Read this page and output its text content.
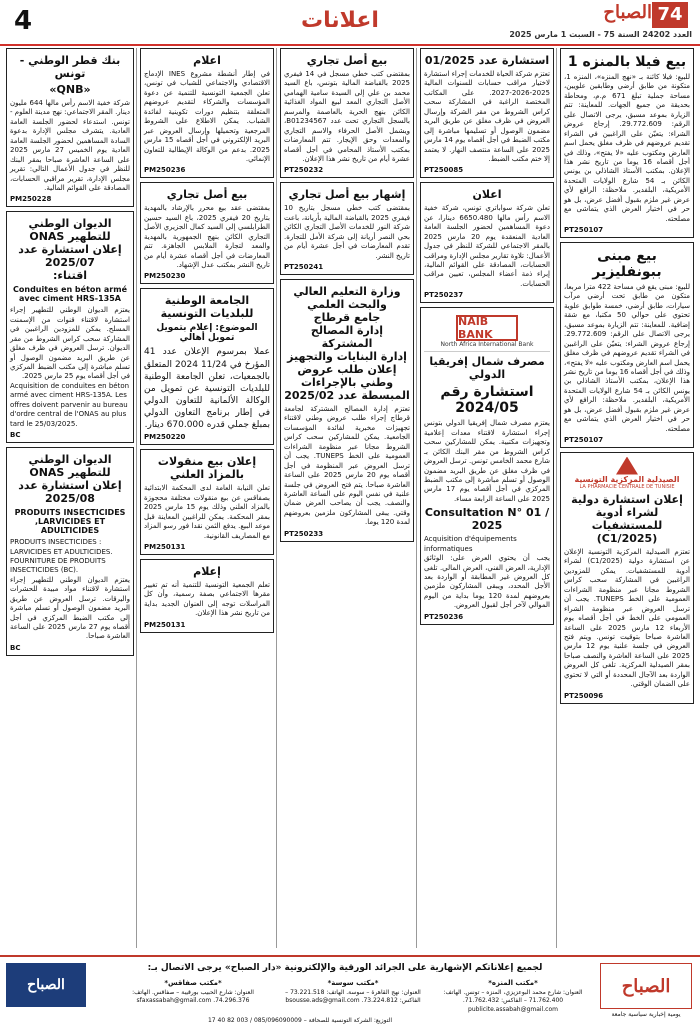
4	اعلانات	الصباح 74
العدد 24202 السنة 75 - السبت 1 مارس 2025
بيع فيلا بالمنزه 1
للبيع: فيلا كائنة بـ «نهج المنزه»، المنزه 1، متكونة من طابق أرضي وطابقين علويين، مساحة جملية تبلغ 671 م.م، ومحاطة بحديقة من جميع الجهات. للمعاينة: تتم الزيارة بموعد مسبق، يرجى الاتصال على الرقم: 29.772.609. إرجاع عروض الشراء: يتعيّن على الراغبين في الشراء تقديم عروضهم في ظرف مغلق يحمل اسم العارض ومكتوب عليه «لا يفتح»، وذلك في أجل أقصاه 16 يوما من تاريخ نشر هذا الإعلان. بمكتب الأستاذ الشاذلي بن يونس الكائن بـ 54 شارع الولايات المتحدة الأمريكية، البلفدير. ملاحظة: الرافع لأي عرض غير ملزم بقبول أفضل عرض، بل هو حر في اختيار العرض الذي يتماشى مع مصلحته.
PT250107
بيع مبنى ببونفليزير
للبيع: مبنى يقع في مساحة 422 مترا مربعا، متكون من طابق تحت أرضي مرآب سيارات، طابق أرضي، خمسة طوابق علوية تحتوي على حوالي 50 مكتبا، مع شقة إضافية. للمعاينة: تتم الزيارة بموعد مسبق، يرجى الاتصال على الرقم: 29.772.609. إرجاع عروض الشراء: يتعيّن على الراغبين في الشراء تقديم عروضهم في ظرف مغلق يحمل اسم العارض ومكتوب عليه «لا يفتح»، وذلك في أجل أقصاه 16 يوما من تاريخ نشر هذا الإعلان، بمكتب الأستاذ الشاذلي بن يونس الكائن بـ 54 شارع الولايات المتحدة الأمريكية، البلفدير. ملاحظة: الرافع لأي عرض غير ملزم بقبول أفضل عرض، بل هو حر في اختيار العرض الذي يتماشى مع مصلحته.
PT250107
الصيدلية المركزية التونسية
LA PHARMACIE CENTRALE DE TUNISIE
إعلان استشارة دولية لشراء أدوية للمستشفيات (2025/C1)
تعتزم الصيدلية المركزية التونسية الإعلان عن استشارة دولية (2025/C1) لشراء أدوية للمستشفيات. يمكن للمزودين الراغبين في المشاركة سحب كراس الشروط مجانا عبر منظومة الشراءات العمومية على الخط TUNEPS. يجب أن ترسل العروض عبر منظومة الشراء العمومي على الخط في أجل أقصاه يوم الأربعاء 12 مارس 2025 على الساعة العاشرة صباحا بتوقيت تونس. ويتم فتح العروض في جلسة علنية يوم 12 مارس 2025 على الساعة العاشرة والنصف صباحا بمقر الصيدلية المركزية. تلغى كل العروض الواردة بعد الآجال المحددة أو التي لا تحتوي على الضمان الوقتي.
PT250096
استشارة عدد 01/2025
تعتزم شركة الحياة للخدمات إجراء استشارة لاختيار مراقب حسابات للسنوات المالية 2025-2026-2027. على المكاتب المختصة الراغبة في المشاركة سحب كراس الشروط من مقر الشركة وإرسال العروض في ظرف مغلق عن طريق البريد مضمون الوصول أو تسليمها مباشرة إلى مكتب الضبط في أجل أقصاه يوم 14 مارس 2025 على الساعة منتصف النهار. لا يعتمد إلا ختم مكتب الضبط.
PT250085
اعلان
تعلن شركة سواباتري تونس، شركة خفية الاسم رأس مالها 6650.480 دينارا، عن دعوة المساهمين لحضور الجلسة العامة العادية المنعقدة يوم 20 مارس 2025 بالمقر الاجتماعي للشركة للنظر في جدول الأعمال: تلاوة تقارير مجلس الإدارة ومراقب الحسابات، المصادقة على القوائم المالية، إبراء ذمة أعضاء المجلس، تعيين مراقب الحسابات.
PT250237
NAIB BANK
North Africa International Bank
مصرف شمال إفريقيا الدولي
استشارة رقم 2024/05
يعتزم مصرف شمال إفريقيا الدولي بتونس إجراء استشارة لاقتناء معدات إعلامية وتجهيزات مكتبية. يمكن للمشاركين سحب كراس الشروط من مقر البنك الكائن بـ شارع محمد الخامس تونس. ترسل العروض في ظرف مغلق عن طريق البريد مضمون الوصول أو تسلم مباشرة إلى مكتب الضبط المركزي في أجل أقصاه يوم 17 مارس 2025 على الساعة الرابعة مساء.
Consultation N° 01 / 2025
Acquisition d'équipements informatiques
يجب أن يحتوي العرض على: الوثائق الإدارية، العرض الفني، العرض المالي. تلغى كل العروض غير المطابقة أو الواردة بعد الأجل المحدد، ويبقى المشاركون ملزمين بعروضهم لمدة 120 يوما بداية من اليوم الموالي لآخر أجل لقبول العروض.
PT250236
بيع أصل تجاري
بمقتضى كتب خطي مسجل في 14 فيفري 2025 بالقباضة المالية بتونس، باع السيد محمد بن علي إلى السيدة سامية الهمامي الأصل التجاري المعد لبيع المواد الغذائية الكائن بنهج الحرية بالعاصمة والمرسم بالسجل التجاري تحت عدد B01234567، ويشمل الأصل الحرفاء والاسم التجاري والمعدات وحق الإيجار. تتم المعارضات بمكتب الأستاذ المحامي في أجل أقصاه عشرة أيام من تاريخ نشر هذا الإعلان.
PT250232
إشهار بيع أصل تجاري
بمقتضى كتب خطي مسجل بتاريخ 10 فيفري 2025 بالقباضة المالية بأريانة، باعت شركة النور للخدمات الأصل التجاري الكائن بحي النصر أريانة إلى شركة الأمل للتجارة. تقدم المعارضات في أجل عشرة أيام من تاريخ النشر.
PT250241
وزارة التعليم العالي والبحث العلمي
جامع قرطاج
إدارة المصالح المشتركة
إدارة البنايات والتجهيز
إعلان طلب عروض وطني بالإجراءات المبسطة عدد 2025/02
تعتزم إدارة المصالح المشتركة لجامعة قرطاج إجراء طلب عروض وطني لاقتناء تجهيزات مخبرية لفائدة المؤسسات الجامعية. يمكن للمشاركين سحب كراس الشروط مجانا عبر منظومة الشراءات العمومية على الخط TUNEPS. يجب أن ترسل العروض عبر المنظومة في أجل أقصاه يوم 20 مارس 2025 على الساعة العاشرة صباحا. يتم فتح العروض في جلسة علنية في نفس اليوم على الساعة العاشرة والنصف. يجب أن يصاحب العرض ضمان وقتي. يبقى المشاركون ملزمين بعروضهم لمدة 120 يوما.
PT250233
اعلام
في إطار أنشطة مشروع INES الإدماج الاقتصادي والاجتماعي للشباب في تونس، تعلن الجمعية التونسية للتنمية عن دعوة المؤسسات والشركاء لتقديم عروضهم المتعلقة بتنظيم دورات تكوينية لفائدة الشباب. يمكن الاطلاع على الشروط المرجعية وتحميلها وإرسال العروض عبر البريد الإلكتروني في أجل أقصاه 15 مارس 2025. بدعم من الوكالة الإيطالية للتعاون الإنمائي.
PM250236
بيع أصل تجاري
بمقتضى عقد بيع محرر بالإرشاد بالمهدية بتاريخ 20 فيفري 2025، باع السيد حسين الطرابلسي إلى السيد كمال الجزيري الأصل التجاري الكائن بنهج الجمهورية بالمهدية والمعد لتجارة الملابس الجاهزة. تتم المعارضات في أجل أقصاه عشرة أيام من تاريخ النشر بمكتب عدل الإشهاد.
PM250230
الجامعة الوطنية للبلديات التونسية
الموضوع: إعلام بتمويل تمويل أهالي
عملا بمرسوم الإعلان عدد 41 المؤرخ في 11/24 2024 المتعلق بالجمعيات، تعلن الجامعة الوطنية للبلديات التونسية عن تمويل من الوكالة الألمانية للتعاون الدولي في إطار برنامج التعاون الدولي بمبلغ جملي قدره 670.000 دينار.
PM250220
إعلان بيع منقولات بالمزاد العلني
تعلن النيابة العامة لدى المحكمة الابتدائية بصفاقس عن بيع منقولات مختلفة محجوزة بالمزاد العلني وذلك يوم 15 مارس 2025 بمقر المحكمة. يمكن للراغبين المعاينة قبل موعد البيع. يدفع الثمن نقدا فور رسو المزاد مع المصاريف القانونية.
PM250131
إعلام
تعلم الجمعية التونسية للتنمية أنه تم تغيير مقرها الاجتماعي بصفة رسمية، وأن كل المراسلات توجه إلى العنوان الجديد بداية من تاريخ نشر هذا الإعلان.
PM250131
بنك قطر الوطني - تونس
«QNB»
شركة خفية الاسم رأس مالها 644 مليون دينار. المقر الاجتماعي: نهج مدينة العلوم - تونس. استدعاء لحضور الجلسة العامة العادية. يتشرف مجلس الإدارة بدعوة السادة المساهمين لحضور الجلسة العامة العادية يوم الخميس 27 مارس 2025 على الساعة العاشرة صباحا بمقر البنك للنظر في جدول الأعمال التالي: تقرير مجلس الإدارة، تقرير مراقبي الحسابات، المصادقة على القوائم المالية.
PM250228
الديوان الوطني للتطهير ONAS
إعلان استشارة عدد 2025/07
اقتناء:
Conduites en béton armé avec ciment HRS-135A
يعتزم الديوان الوطني للتطهير إجراء استشارة لاقتناء قنوات من الإسمنت المسلح. يمكن للمزودين الراغبين في المشاركة سحب كراس الشروط من مقر الديوان. ترسل العروض في ظرف مغلق عن طريق البريد مضمون الوصول أو تسلم مباشرة إلى مكتب الضبط المركزي في أجل أقصاه يوم 25 مارس 2025.
Acquisition de conduites en béton armé avec ciment HRS-135A. Les offres doivent parvenir au bureau d'ordre central de l'ONAS au plus tard le 25/03/2025.
BC
الديوان الوطني للتطهير ONAS
إعلان استشارة عدد 2025/08
PRODUITS INSECTICIDES ,LARVICIDES ET ADULTICIDES
PRODUITS INSECTICIDES : LARVICIDES ET ADULTICIDES. FOURNITURE DE PRODUITS INSECTICIDES (BC).
يعتزم الديوان الوطني للتطهير إجراء استشارة لاقتناء مواد مبيدة للحشرات واليرقات. ترسل العروض عن طريق البريد مضمون الوصول أو تسلم مباشرة إلى مكتب الضبط المركزي في أجل أقصاه يوم 27 مارس 2025 على الساعة العاشرة صباحا.
BC
الصباح
يومية إخبارية سياسية جامعة
لجميع إعلاناتكم الإشهارية على الجرائد الورقية والإلكترونية «دار الصباح» يرجى الاتصال بـ:
*مكتب المنزه*
العنوان: شارع محمد البوعزيزي، المنزه – تونس. الهاتف: 71.762.400 – الفاكس: 71.762.432. publicite.assabah@gmail.com
*مكتب سوسة*
العنوان: نهج القاهرة – سوسة. الهاتف: 73.221.518 – الفاكس: 73.224.812. bsousse.ads@gmail.com
*مكتب صفاقس*
العنوان: شارع الحبيب بورقيبة – صفاقس. الهاتف: 74.296.376. sfaxassabah@gmail.com
الصباح
التوزيع: الشركة التونسية للصحافة – 085/096090009 / 003 82 40 17
